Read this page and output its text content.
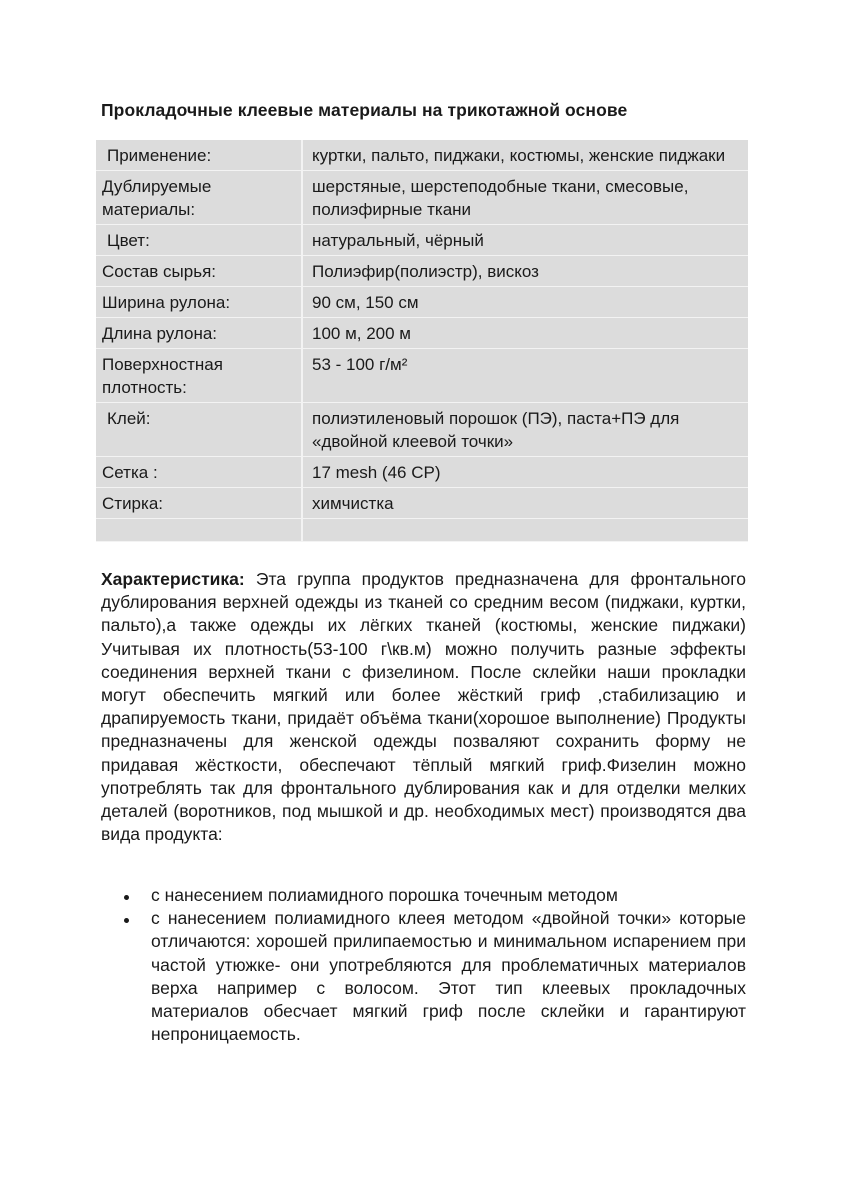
Прокладочные клеевые материалы на трикотажной основе
Применение:	куртки, пальто, пиджаки, костюмы, женские пиджаки
Дублируемые материалы:	шерстяные, шерстеподобные ткани, смесовые, полиэфирные ткани
Цвет:	натуральный, чёрный
Состав сырья:	Полиэфир(полиэстр), вискоз
Ширина рулона:	90 см, 150 см
Длина рулона:	100 м, 200 м
Поверхностная плотность:	53 - 100 г/м²
Клей:	полиэтиленовый порошок (ПЭ), паста+ПЭ для «двойной клеевой точки»
Сетка :	17 mesh (46 CP)
Стирка:	химчистка

Характеристика: Эта группа продуктов предназначена для фронтального дублирования верхней одежды из тканей со средним весом (пиджаки, куртки, пальто),а также одежды их лёгких тканей (костюмы, женские пиджаки) Учитывая их плотность(53-100 г\кв.м) можно получить разные эффекты соединения верхней ткани с физелином. После склейки наши прокладки могут обеспечить мягкий или более жёсткий гриф ,стабилизацию и драпируемость ткани, придаёт объёма ткани(хорошое выполнение) Продукты предназначены для женской одежды позваляют сохранить форму не придавая жёсткости, обеспечают тёплый мягкий гриф.Физелин можно употреблять так для фронтального дублирования как и для отделки мелких деталей (воротников, под мышкой и др. необходимых мест) производятся два вида продукта:
с нанесением полиамидного порошка точечным методом
с нанесением полиамидного клеея методом «двойной точки» которые отличаются: хорошей прилипаемостью и минимальном испарением при частой утюжке- они употребляются для проблематичных материалов верха например с волосом. Этот тип клеевых прокладочных материалов обесчает мягкий гриф после склейки и гарантируют непроницаемость.
